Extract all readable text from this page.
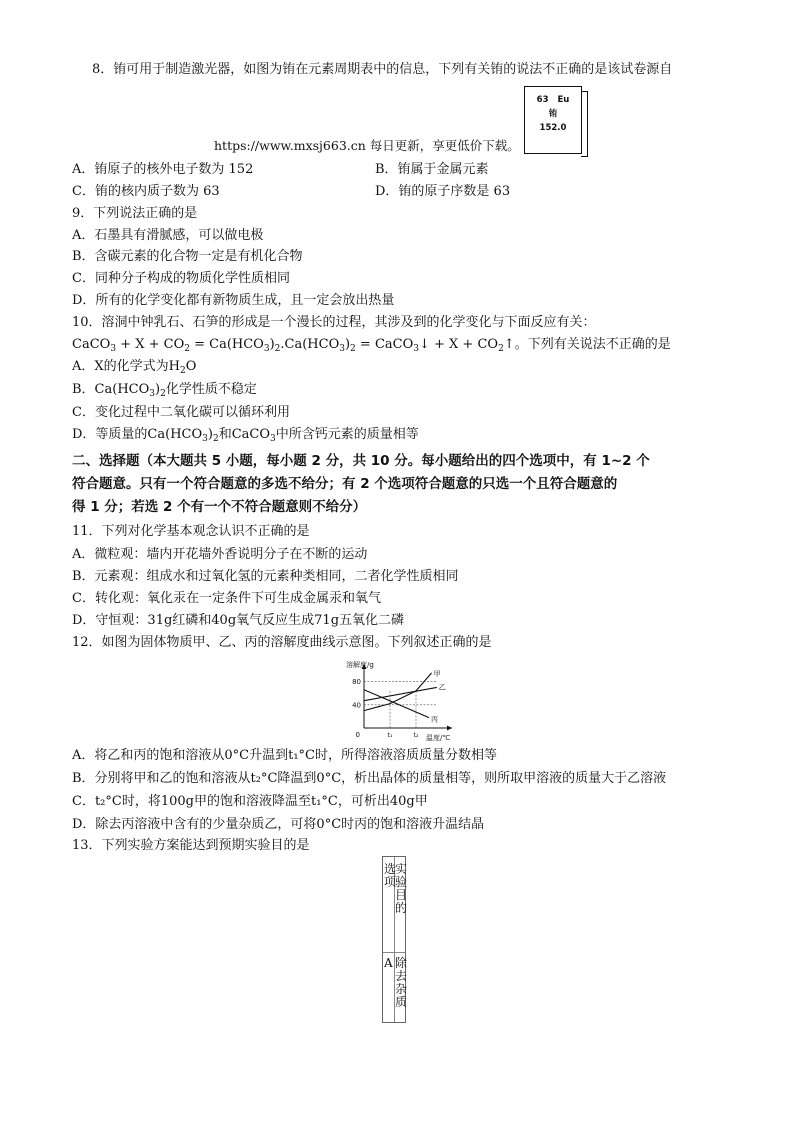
8．铕可用于制造激光器，如图为铕在元素周期表中的信息，下列有关铕的说法不正确的是该试卷源自
63 Eu
铕
152.0
https://www.mxsj663.cn 每日更新，享更低价下载。
A．铕原子的核外电子数为 152	B．铕属于金属元素
C．铕的核内质子数为 63	D．铕的原子序数是 63
9．下列说法正确的是
A．石墨具有滑腻感，可以做电极
B．含碳元素的化合物一定是有机化合物
C．同种分子构成的物质化学性质相同
D．所有的化学变化都有新物质生成，且一定会放出热量
10．溶洞中钟乳石、石笋的形成是一个漫长的过程，其涉及到的化学变化与下面反应有关：
CaCO$_3$ + $X + CO_2 = Ca(HCO_3)_2.Ca(HCO_3)_2$ = CaCO$_3$↓ + $X + CO_2↑$。下列有关说法不正确的是
A．X的化学式为$H_2O$
B．$Ca(HCO_3)_2$化学性质不稳定
C．变化过程中二氧化碳可以循环利用
D．等质量的$Ca(HCO_3)_2$和CaCO$_3$中所含钙元素的质量相等
二、选择题（本大题共 5 小题，每小题 2 分，共 10 分。每小题给出的四个选项中，有 1~2 个
符合题意。只有一个符合题意的多选不给分；有 2 个选项符合题意的只选一个且符合题意的
得 1 分；若选 2 个有一个不符合题意则不给分）
11．下列对化学基本观念认识不正确的是
A．微粒观：墙内开花墙外香说明分子在不断的运动
B．元素观：组成水和过氧化氢的元素种类相同，二者化学性质相同
C．转化观：氧化汞在一定条件下可生成金属汞和氧气
D．守恒观：31g红磷和40g氧气反应生成71g五氧化二磷
12．如图为固体物质甲、乙、丙的溶解度曲线示意图。下列叙述正确的是
溶解度/g
温度/℃
0
40
80
t₁	t₂
甲
乙
丙
A．将乙和丙的饱和溶液从0°C升温到t₁°C时，所得溶液溶质质量分数相等
B．分别将甲和乙的饱和溶液从t₂°C降温到0°C，析出晶体的质量相等，则所取甲溶液的质量大于乙溶液
C．t₂°C时，将100g甲的饱和溶液降温至t₁°C，可析出40g甲
D．除去丙溶液中含有的少量杂质乙，可将0°C时丙的饱和溶液升温结晶
13．下列实验方案能达到预期实验目的是
选项
实验目的
A 除去杂质
